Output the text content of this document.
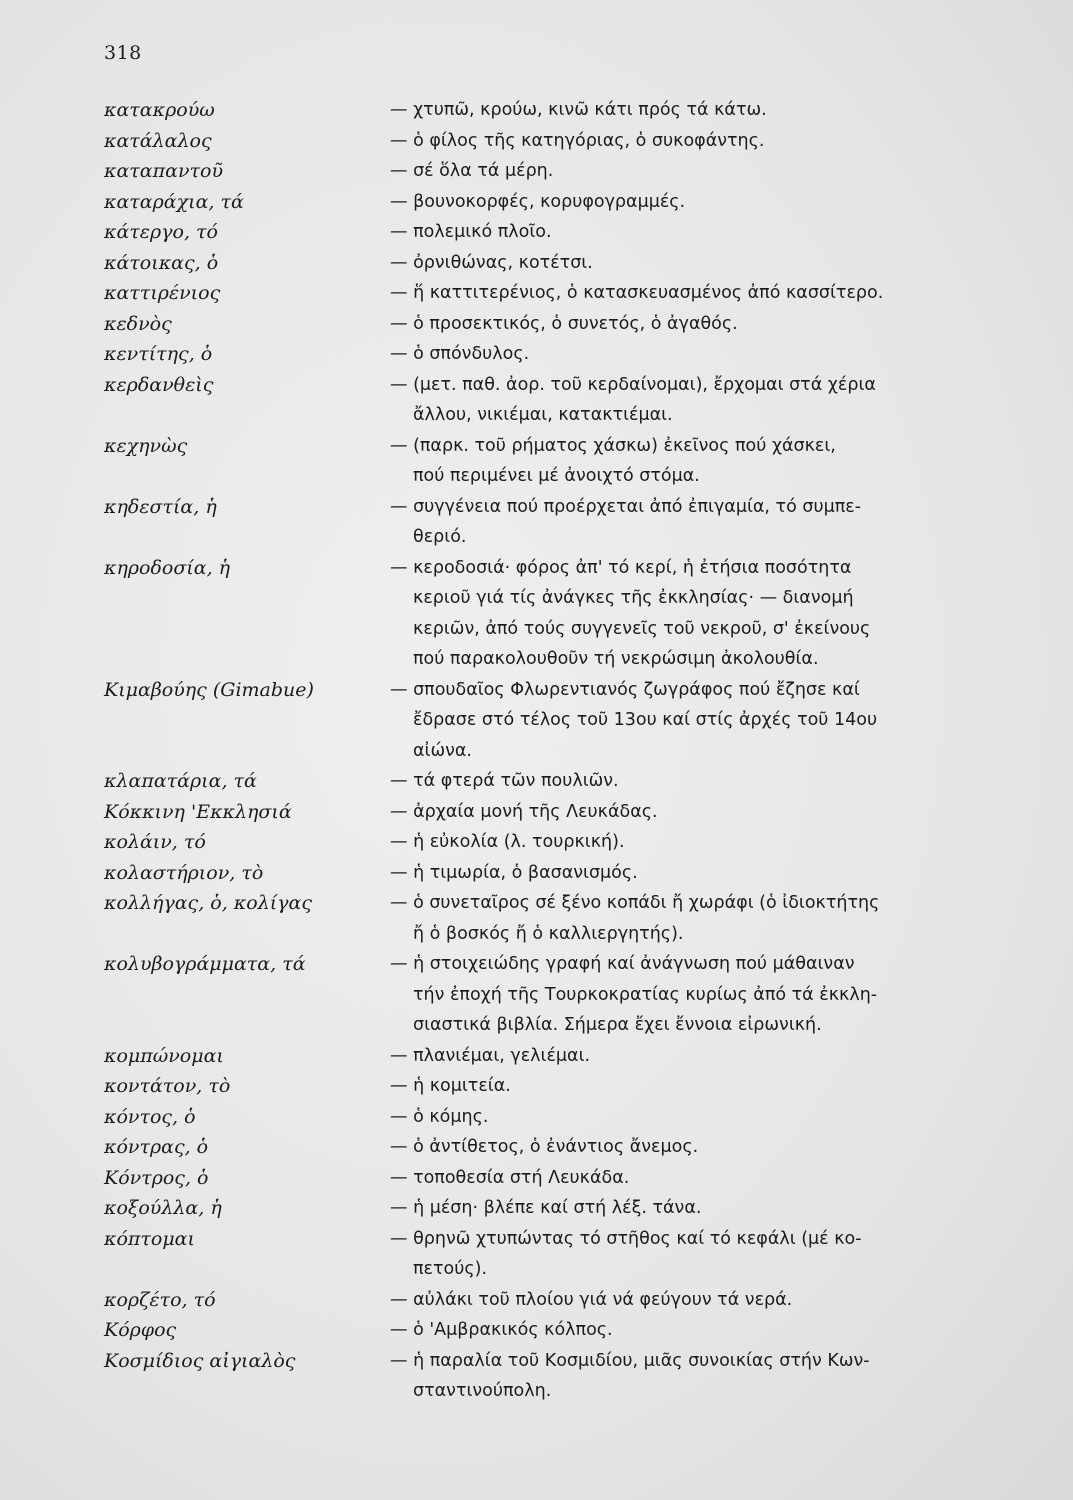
318
κατακρούω	— χτυπῶ, κρούω, κινῶ κάτι πρός τά κάτω.
κατάλαλος	— ὁ φίλος τῆς κατηγόριας, ὁ συκοφάντης.
καταπαντοῦ	— σέ ὅλα τά μέρη.
καταράχια, τά	— βουνοκορφές, κορυφογραμμές.
κάτεργο, τό	— πολεμικό πλοῖο.
κάτοικας, ὁ	— ὀρνιθώνας, κοτέτσι.
καττιρένιος	— ἥ καττιτερένιος, ὁ κατασκευασμένος ἀπό κασσίτερο.
κεδνὸς	— ὁ προσεκτικός, ὁ συνετός, ὁ ἀγαθός.
κεντίτης, ὁ	— ὁ σπόνδυλος.
κερδανθεὶς	— (μετ. παθ. ἀορ. τοῦ κερδαίνομαι), ἔρχομαι στά χέρια
ἄλλου, νικιέμαι, κατακτιέμαι.
κεχηνὼς	— (παρκ. τοῦ ρήματος χάσκω) ἐκεῖνος πού χάσκει,
πού περιμένει μέ ἀνοιχτό στόμα.
κηδεστία, ἡ	— συγγένεια πού προέρχεται ἀπό ἐπιγαμία, τό συμπε-
θεριό.
κηροδοσία, ἡ	— κεροδοσιά· φόρος ἀπ' τό κερί, ἡ ἐτήσια ποσότητα
κεριοῦ γιά τίς ἀνάγκες τῆς ἐκκλησίας· — διανομή
κεριῶν, ἀπό τούς συγγενεῖς τοῦ νεκροῦ, σ' ἐκείνους
πού παρακολουθοῦν τή νεκρώσιμη ἀκολουθία.
Κιμαβούης (Gimabue)	— σπουδαῖος Φλωρεντιανός ζωγράφος πού ἔζησε καί
ἔδρασε στό τέλος τοῦ 13ου καί στίς ἀρχές τοῦ 14ου
αἰώνα.
κλαπατάρια, τά	— τά φτερά τῶν πουλιῶν.
Κόκκινη 'Εκκλησιά	— ἀρχαία μονή τῆς Λευκάδας.
κολάιν, τό	— ἡ εὐκολία (λ. τουρκική).
κολαστήριον, τὸ	— ἡ τιμωρία, ὁ βασανισμός.
κολλήγας, ὁ, κολίγας	— ὁ συνεταῖρος σέ ξένο κοπάδι ἤ χωράφι (ὁ ἰδιοκτήτης
ἤ ὁ βοσκός ἤ ὁ καλλιεργητής).
κολυβογράμματα, τά	— ἡ στοιχειώδης γραφή καί ἀνάγνωση πού μάθαιναν
τήν ἐποχή τῆς Τουρκοκρατίας κυρίως ἀπό τά ἐκκλη-
σιαστικά βιβλία. Σήμερα ἔχει ἔννοια εἰρωνική.
κομπώνομαι	— πλανιέμαι, γελιέμαι.
κοντάτον, τὸ	— ἡ κομιτεία.
κόντος, ὁ	— ὁ κόμης.
κόντρας, ὁ	— ὁ ἀντίθετος, ὁ ἐνάντιος ἄνεμος.
Κόντρος, ὁ	— τοποθεσία στή Λευκάδα.
κοξούλλα, ἡ	— ἡ μέση· βλέπε καί στή λέξ. τάνα.
κόπτομαι	— θρηνῶ χτυπώντας τό στῆθος καί τό κεφάλι (μέ κο-
πετούς).
κορζέτο, τό	— αὐλάκι τοῦ πλοίου γιά νά φεύγουν τά νερά.
Κόρφος	— ὁ 'Αμβρακικός κόλπος.
Κοσμίδιος αἰγιαλὸς	— ἡ παραλία τοῦ Κοσμιδίου, μιᾶς συνοικίας στήν Κων-
σταντινούπολη.
